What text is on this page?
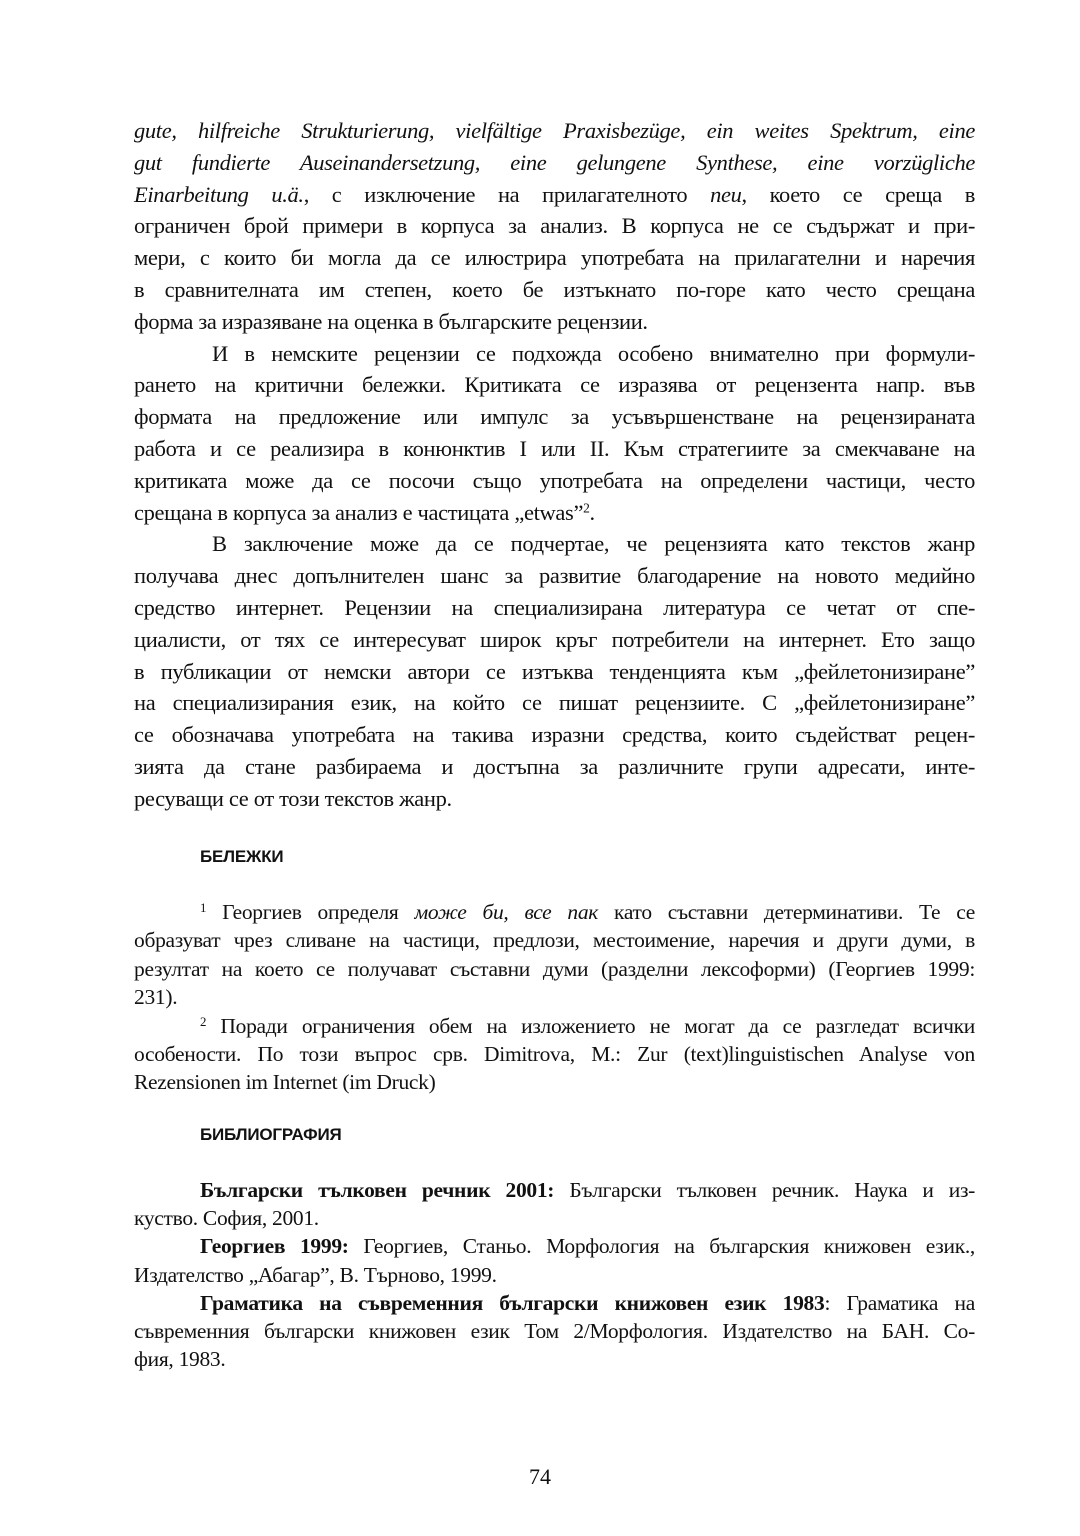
gute, hilfreiche Strukturierung, vielfältige Praxisbezüge, ein weites Spektrum, eine
gut fundierte Auseinandersetzung, eine gelungene Synthese, eine vorzügliche
Einarbeitung u.ä., с изключение на прилагателното neu, което се среща в
ограничен брой примери в корпуса за анализ. В корпуса не се съдържат и при-
мери, с които би могла да се илюстрира употребата на прилагателни и наречия
в сравнителната им степен, което бе изтъкнато по-горе като често срещана
форма за изразяване на оценка в българските рецензии.
И в немските рецензии се подхожда особено внимателно при формули-
рането на критични бележки. Критиката се изразява от рецензента напр. във
формата на предложение или импулс за усъвършенстване на рецензираната
работа и се реализира в конюнктив I или II. Към стратегиите за смекчаване на
критиката може да се посочи също употребата на определени частици, често
срещана в корпуса за анализ е частицата „etwas”$^2$.
В заключение може да се подчертае, че рецензията като текстов жанр
получава днес допълнителен шанс за развитие благодарение на новото медийно
средство интернет. Рецензии на специализирана литература се четат от спе-
циалисти, от тях се интересуват широк кръг потребители на интернет. Ето защо
в публикации от немски автори се изтъква тенденцията към „фейлетонизиране”
на специализирания език, на който се пишат рецензиите. С „фейлетонизиране”
се обозначава употребата на такива изразни средства, които съдействат рецен-
зията да стане разбираема и достъпна за различните групи адресати, инте-
ресуващи се от този текстов жанр.
БЕЛЕЖКИ
$^1$ Георгиев определя може би, все пак като съставни детерминативи. Те се
образуват чрез сливане на частици, предлози, местоимение, наречия и други думи, в
резултат на което се получават съставни думи (разделни лексоформи) (Георгиев 1999:
231).
$^2$ Поради ограничения обем на изложението не могат да се разгледат всички
особености. По този въпрос срв. Dimitrova, M.: Zur (text)linguistischen Analyse von
Rezensionen im Internet (im Druck)
БИБЛИОГРАФИЯ
Български тълковен речник 2001: Български тълковен речник. Наука и из-
куство. София, 2001.
Георгиев 1999: Георгиев, Станьо. Морфология на българския книжовен език.,
Издателство „Абагар”, В. Търново, 1999.
Граматика на съвременния български книжовен език 1983: Граматика на
съвременния български книжовен език Том 2/Морфология. Издателство на БАН. Со-
фия, 1983.
74
